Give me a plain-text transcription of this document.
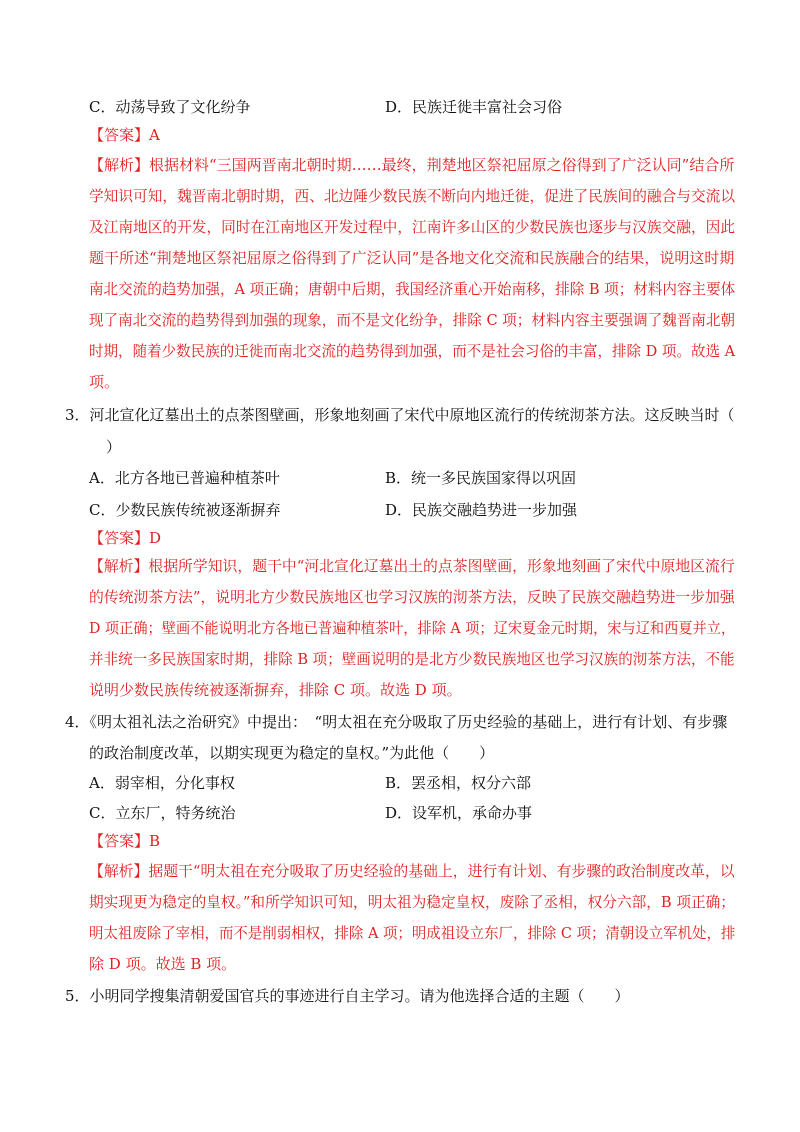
C．动荡导致了文化纷争	D．民族迁徙丰富社会习俗
【答案】A
【解析】根据材料“三国两晋南北朝时期……最终，荆楚地区祭祀屈原之俗得到了广泛认同”结合所
学知识可知，魏晋南北朝时期，西、北边陲少数民族不断向内地迁徙，促进了民族间的融合与交流以
及江南地区的开发，同时在江南地区开发过程中，江南许多山区的少数民族也逐步与汉族交融，因此
题干所述“荆楚地区祭祀屈原之俗得到了广泛认同”是各地文化交流和民族融合的结果，说明这时期
南北交流的趋势加强，A 项正确；唐朝中后期，我国经济重心开始南移，排除 B 项；材料内容主要体
现了南北交流的趋势得到加强的现象，而不是文化纷争，排除 C 项；材料内容主要强调了魏晋南北朝
时期，随着少数民族的迁徙而南北交流的趋势得到加强，而不是社会习俗的丰富，排除 D 项。故选 A
项。
3．河北宣化辽墓出土的点茶图壁画，形象地刻画了宋代中原地区流行的传统沏茶方法。这反映当时（
）
A．北方各地已普遍种植茶叶	B．统一多民族国家得以巩固
C．少数民族传统被逐渐摒弃	D．民族交融趋势进一步加强
【答案】D
【解析】根据所学知识，题干中“河北宣化辽墓出土的点茶图壁画，形象地刻画了宋代中原地区流行
的传统沏茶方法”，说明北方少数民族地区也学习汉族的沏茶方法，反映了民族交融趋势进一步加强
D 项正确；壁画不能说明北方各地已普遍种植茶叶，排除 A 项；辽宋夏金元时期，宋与辽和西夏并立，
并非统一多民族国家时期，排除 B 项；壁画说明的是北方少数民族地区也学习汉族的沏茶方法，不能
说明少数民族传统被逐渐摒弃，排除 C 项。故选 D 项。
4．《明太祖礼法之治研究》中提出：　“明太祖在充分吸取了历史经验的基础上，进行有计划、有步骤
的政治制度改革，以期实现更为稳定的皇权。”为此他（　　）
A．弱宰相，分化事权	B．罢丞相，权分六部
C．立东厂，特务统治	D．设军机，承命办事
【答案】B
【解析】据题干“明太祖在充分吸取了历史经验的基础上，进行有计划、有步骤的政治制度改革，以
期实现更为稳定的皇权。”和所学知识可知，明太祖为稳定皇权，废除了丞相，权分六部，B 项正确；
明太祖废除了宰相，而不是削弱相权，排除 A 项；明成祖设立东厂，排除 C 项；清朝设立军机处，排
除 D 项。故选 B 项。
5．小明同学搜集清朝爱国官兵的事迹进行自主学习。请为他选择合适的主题（　　）
